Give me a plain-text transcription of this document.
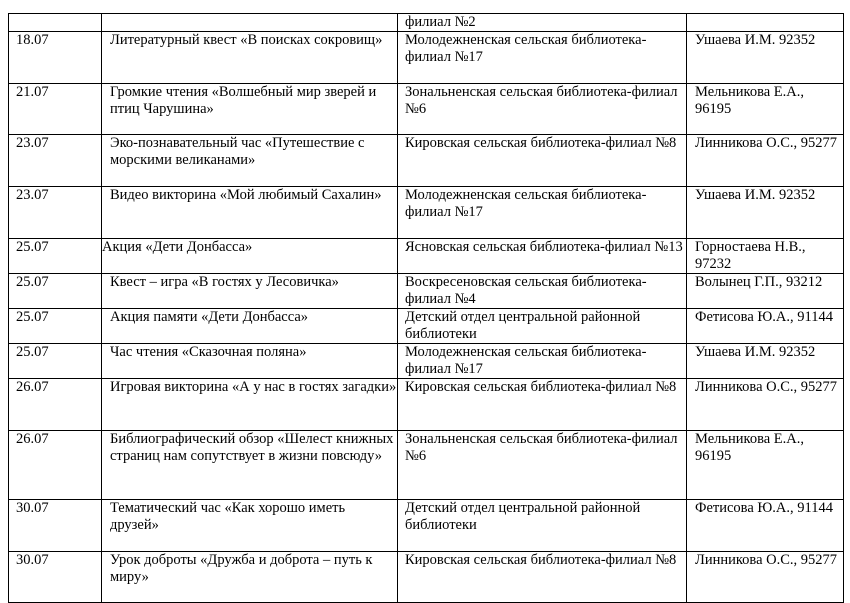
		филиал №2	

18.07	Литературный квест «В поисках сокровищ»	Молодежненская сельская библиотека-филиал №17	Ушаева И.М. 92352

21.07	Громкие чтения «Волшебный мир зверей и птиц Чарушина»	Зональненская сельская библиотека-филиал №6	Мельникова Е.А., 96195

23.07	Эко-познавательный час «Путешествие с морскими великанами»	Кировская сельская библиотека-филиал №8	Линникова О.С., 95277

23.07	Видео викторина «Мой любимый Сахалин»	Молодежненская сельская библиотека-филиал №17	Ушаева И.М. 92352

25.07	Акция «Дети Донбасса»	Ясновская сельская библиотека-филиал №13	Горностаева Н.В., 97232

25.07	Квест – игра «В гостях у Лесовичка»	Воскресеновская сельская библиотека-филиал №4	Волынец Г.П., 93212

25.07	Акция памяти «Дети Донбасса»	Детский отдел центральной районной библиотеки	Фетисова Ю.А., 91144

25.07	Час чтения «Сказочная поляна»	Молодежненская сельская библиотека-филиал №17	Ушаева И.М. 92352

26.07	Игровая викторина «А у нас в гостях загадки»	Кировская сельская библиотека-филиал №8	Линникова О.С., 95277

26.07	Библиографический обзор «Шелест книжных страниц нам сопутствует в жизни повсюду»	Зональненская сельская библиотека-филиал №6	Мельникова Е.А., 96195

30.07	Тематический час «Как хорошо иметь друзей»	Детский отдел центральной районной библиотеки	Фетисова Ю.А., 91144

30.07	Урок доброты «Дружба и доброта – путь к миру»	Кировская сельская библиотека-филиал №8	Линникова О.С., 95277
